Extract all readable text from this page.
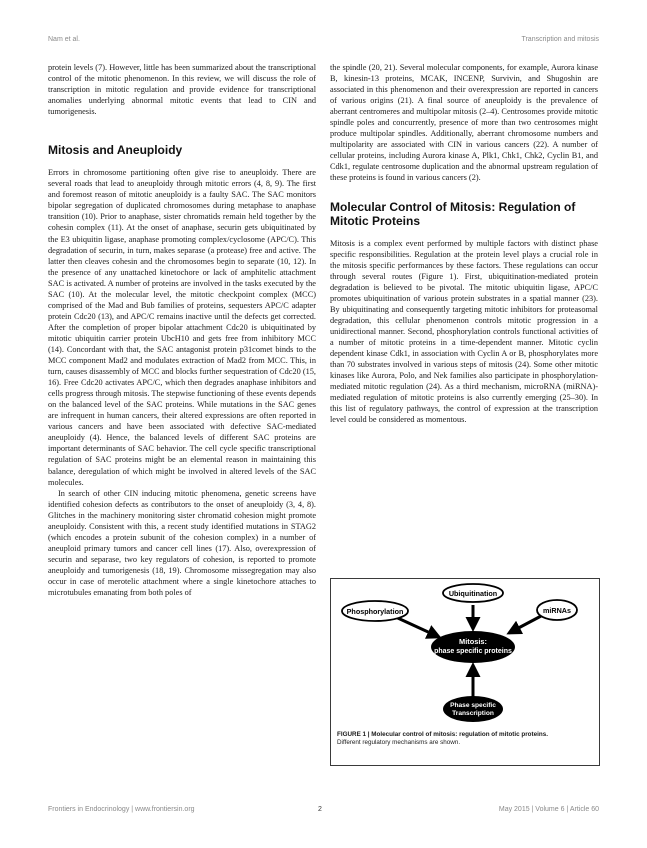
Nam et al.	Transcription and mitosis

protein levels (7). However, little has been summarized about the transcriptional control of the mitotic phenomenon. In this review, we will discuss the role of transcription in mitotic regulation and provide evidence for transcriptional anomalies underlying abnormal mitotic events that lead to CIN and tumorigenesis.

Mitosis and Aneuploidy

Errors in chromosome partitioning often give rise to aneuploidy. There are several roads that lead to aneuploidy through mitotic errors (4, 8, 9). The first and foremost reason of mitotic aneuploidy is a faulty SAC. The SAC monitors bipolar segregation of duplicated chromosomes during metaphase to anaphase transition (10). Prior to anaphase, sister chromatids remain held together by the cohesin complex (11). At the onset of anaphase, securin gets ubiquitinated by the E3 ubiquitin ligase, anaphase promoting complex/cyclosome (APC/C). This degradation of securin, in turn, makes separase (a protease) free and active. The latter then cleaves cohesin and the chromosomes begin to separate (10, 12). In the presence of any unattached kinetochore or lack of amphitelic attachment SAC is activated. A number of proteins are involved in the tasks executed by the SAC (10). At the molecular level, the mitotic checkpoint complex (MCC) comprised of the Mad and Bub families of proteins, sequesters APC/C adapter protein Cdc20 (13), and APC/C remains inactive until the defects get corrected. After the completion of proper bipolar attachment Cdc20 is ubiquitinated by mitotic ubiquitin carrier protein UbcH10 and gets free from inhibitory MCC (14). Concordant with that, the SAC antagonist protein p31comet binds to the MCC component Mad2 and modulates extraction of Mad2 from MCC. This, in turn, causes disassembly of MCC and blocks further sequestration of Cdc20 (15, 16). Free Cdc20 activates APC/C, which then degrades anaphase inhibitors and cells progress through mitosis. The stepwise functioning of these events depends on the balanced level of the SAC proteins. While mutations in the SAC genes are infrequent in human cancers, their altered expressions are often reported in various cancers and have been associated with defective SAC-mediated aneuploidy (4). Hence, the balanced levels of different SAC proteins are important determinants of SAC behavior. The cell cycle specific transcriptional regulation of SAC proteins might be an elemental reason in maintaining this balance, deregulation of which might be involved in altered levels of the SAC molecules.

In search of other CIN inducing mitotic phenomena, genetic screens have identified cohesion defects as contributors to the onset of aneuploidy (3, 4, 8). Glitches in the machinery monitoring sister chromatid cohesion might promote aneuploidy. Consistent with this, a recent study identified mutations in STAG2 (which encodes a protein subunit of the cohesion complex) in a number of aneuploid primary tumors and cancer cell lines (17). Also, overexpression of securin and separase, two key regulators of cohesion, is reported to promote aneuploidy and tumorigenesis (18, 19). Chromosome missegregation may also occur in case of merotelic attachment where a single kinetochore attaches to microtubules emanating from both poles of

the spindle (20, 21). Several molecular components, for example, Aurora kinase B, kinesin-13 proteins, MCAK, INCENP, Survivin, and Shugoshin are associated in this phenomenon and their overexpression are reported in cancers of various origins (21). A final source of aneuploidy is the prevalence of aberrant centromeres and multipolar mitosis (2–4). Centrosomes provide mitotic spindle poles and concurrently, presence of more than two centrosomes might produce multipolar spindles. Additionally, aberrant chromosome numbers and multipolarity are associated with CIN in various cancers (22). A number of cellular proteins, including Aurora kinase A, Plk1, Chk1, Chk2, Cyclin B1, and Cdk1, regulate centrosome duplication and the abnormal upstream regulation of these proteins is found in various cancers (2).

Molecular Control of Mitosis: Regulation of Mitotic Proteins

Mitosis is a complex event performed by multiple factors with distinct phase specific responsibilities. Regulation at the protein level plays a crucial role in the mitosis specific performances by these factors. These regulations can occur through several routes (Figure 1). First, ubiquitination-mediated protein degradation is believed to be pivotal. The mitotic ubiquitin ligase, APC/C promotes ubiquitination of various protein substrates in a spatial manner (23). By ubiquitinating and consequently targeting mitotic inhibitors for proteasomal degradation, this cellular phenomenon controls mitotic progression in a unidirectional manner. Second, phosphorylation controls functional activities of a number of mitotic proteins in a time-dependent manner. Mitotic cyclin dependent kinase Cdk1, in association with Cyclin A or B, phosphorylates more than 70 substrates involved in various steps of mitosis (24). Some other mitotic kinases like Aurora, Polo, and Nek families also participate in phosphorylation-mediated mitotic regulation (24). As a third mechanism, microRNA (miRNA)-mediated regulation of mitotic proteins is also currently emerging (25–30). In this list of regulatory pathways, the control of expression at the transcription level could be considered as momentous.

Ubiquitination
Phosphorylation	miRNAs
Mitosis:
phase specific proteins
Phase specific
Transcription
FIGURE 1 | Molecular control of mitosis: regulation of mitotic proteins.
Different regulatory mechanisms are shown.
Frontiers in Endocrinology | www.frontiersin.org	2	May 2015 | Volume 6 | Article 60
